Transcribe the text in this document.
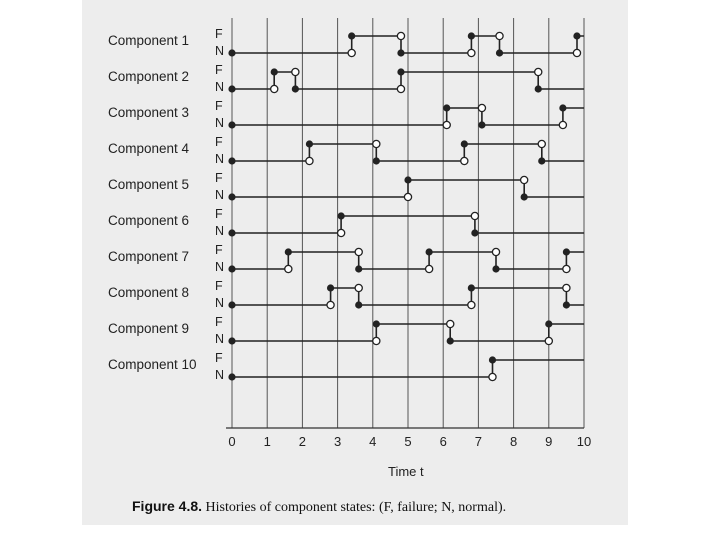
Component 1 F
N
Component 2 F
N
Component 3 F
N
Component 4 F
N
Component 5 F
N
Component 6 F
N
Component 7 F
N
Component 8 F
N
Component 9 F
N
Component 10 F
N
0 1 2 3 4 5 6 7 8 9 10
Time t
Figure 4.8. Histories of component states: (F, failure; N, normal).
